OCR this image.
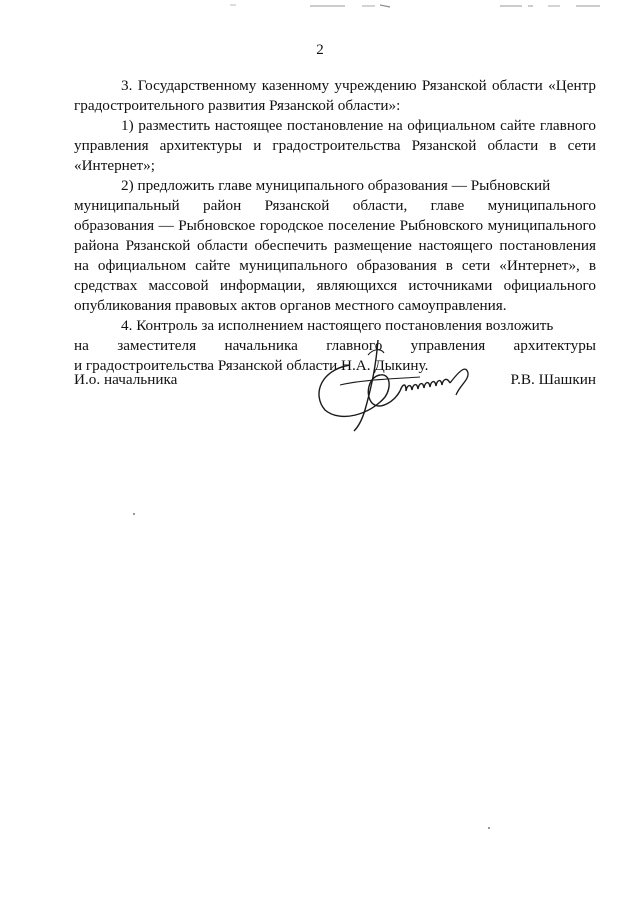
2

3. Государственному казенному учреждению Рязанской области «Центр градостроительного развития Рязанской области»:

1) разместить настоящее постановление на официальном сайте главного управления архитектуры и градостроительства Рязанской области в сети «Интернет»;

2) предложить главе муниципального образования — Рыбновский
муниципальный район Рязанской области, главе муниципального
образования — Рыбновское городское поселение Рыбновского муниципального района Рязанской области обеспечить размещение настоящего постановления на официальном сайте муниципального образования в сети «Интернет», в средствах массовой информации, являющихся источниками официального опубликования правовых актов органов местного самоуправления.

4. Контроль за исполнением настоящего постановления возложить
на заместителя начальника главного управления архитектуры
и градостроительства Рязанской области Н.А. Дыкину.

И.о. начальника	Р.В. Шашкин
